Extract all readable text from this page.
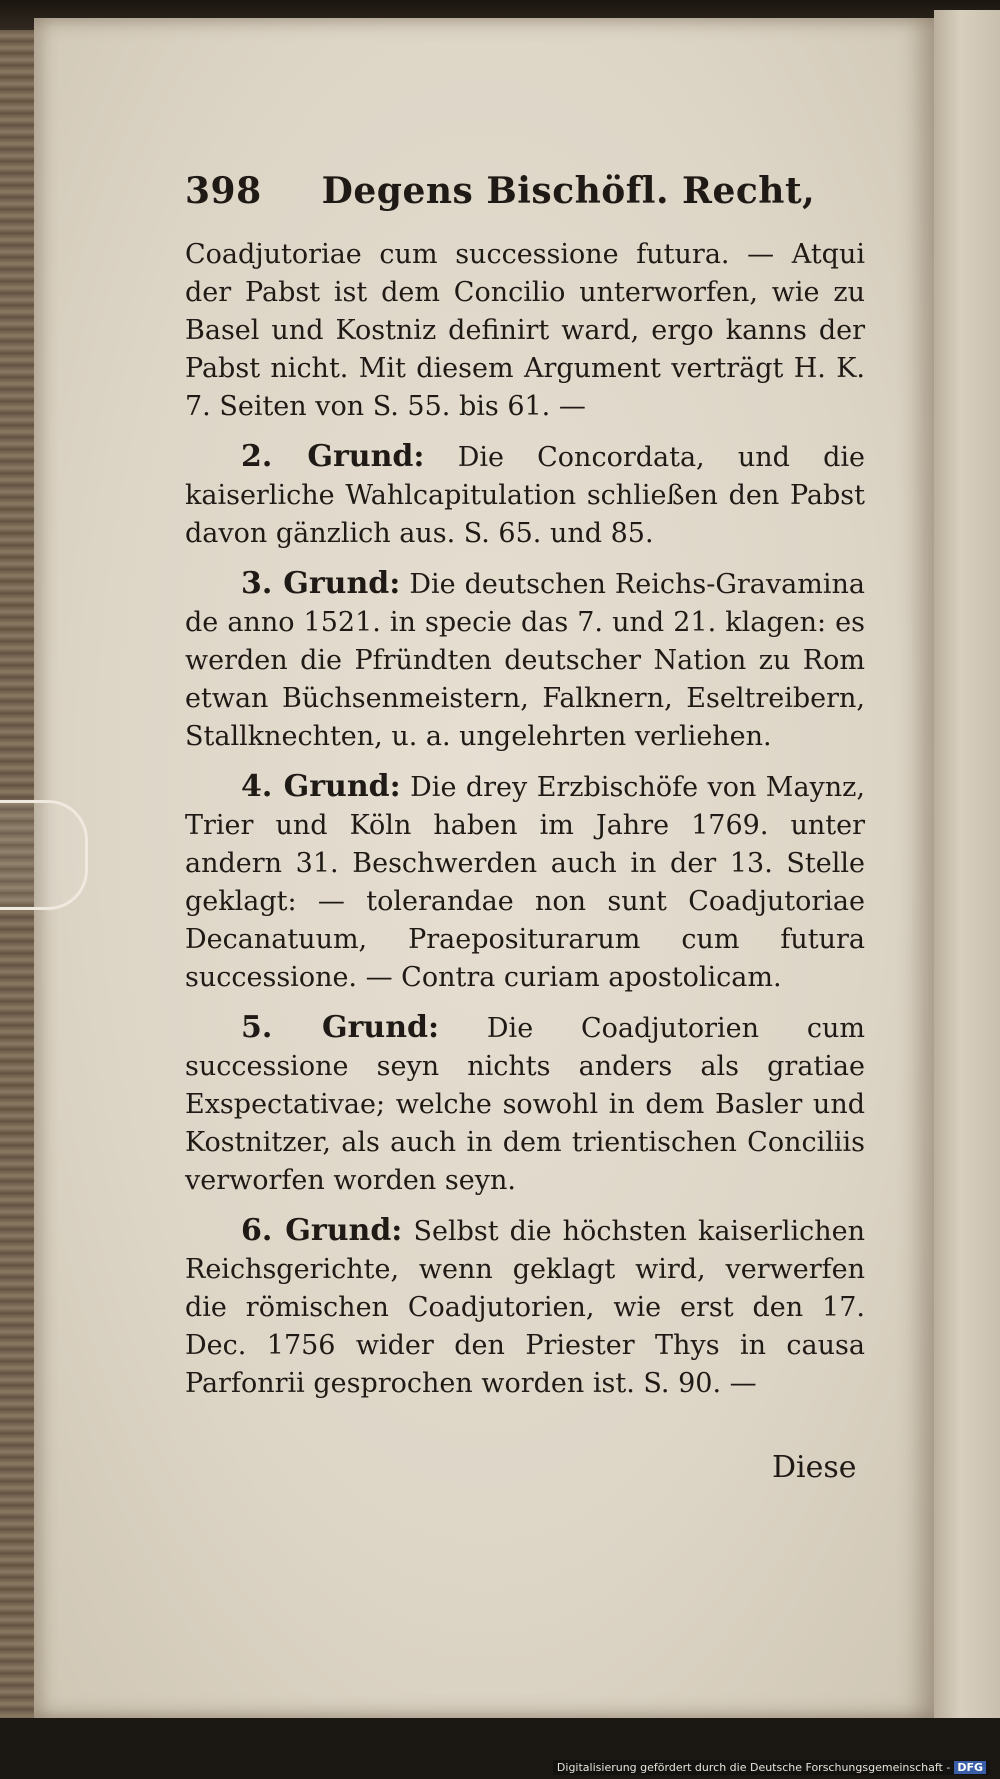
398 Degens Bischöfl. Recht,

Coadjutoriae cum successione futura. — Atqui der Pabst ist dem Concilio unterworfen, wie zu Basel und Kostniz definirt ward, ergo kanns der Pabst nicht. Mit diesem Argument verträgt H. K. 7. Seiten von S. 55. bis 61. —

2. Grund: Die Concordata, und die kaiserliche Wahlcapitulation schließen den Pabst davon gänzlich aus. S. 65. und 85.

3. Grund: Die deutschen Reichs-Gravamina de anno 1521. in specie das 7. und 21. klagen: es werden die Pfründten deutscher Nation zu Rom etwan Büchsenmeistern, Falknern, Eseltreibern, Stallknechten, u. a. ungelehrten verliehen.

4. Grund: Die drey Erzbischöfe von Maynz, Trier und Köln haben im Jahre 1769. unter andern 31. Beschwerden auch in der 13. Stelle geklagt: — tolerandae non sunt Coadjutoriae Decanatuum, Praepositurarum cum futura successione. — Contra curiam apostolicam.

5. Grund: Die Coadjutorien cum successione seyn nichts anders als gratiae Exspectativae; welche sowohl in dem Basler und Kostnitzer, als auch in dem trientischen Conciliis verworfen worden seyn.

6. Grund: Selbst die höchsten kaiserlichen Reichsgerichte, wenn geklagt wird, verwerfen die römischen Coadjutorien, wie erst den 17. Dec. 1756 wider den Priester Thys in causa Parfonrii gesprochen worden ist. S. 90. —

Diese
Digitalisierung gefördert durch die Deutsche Forschungsgemeinschaft - DFG
